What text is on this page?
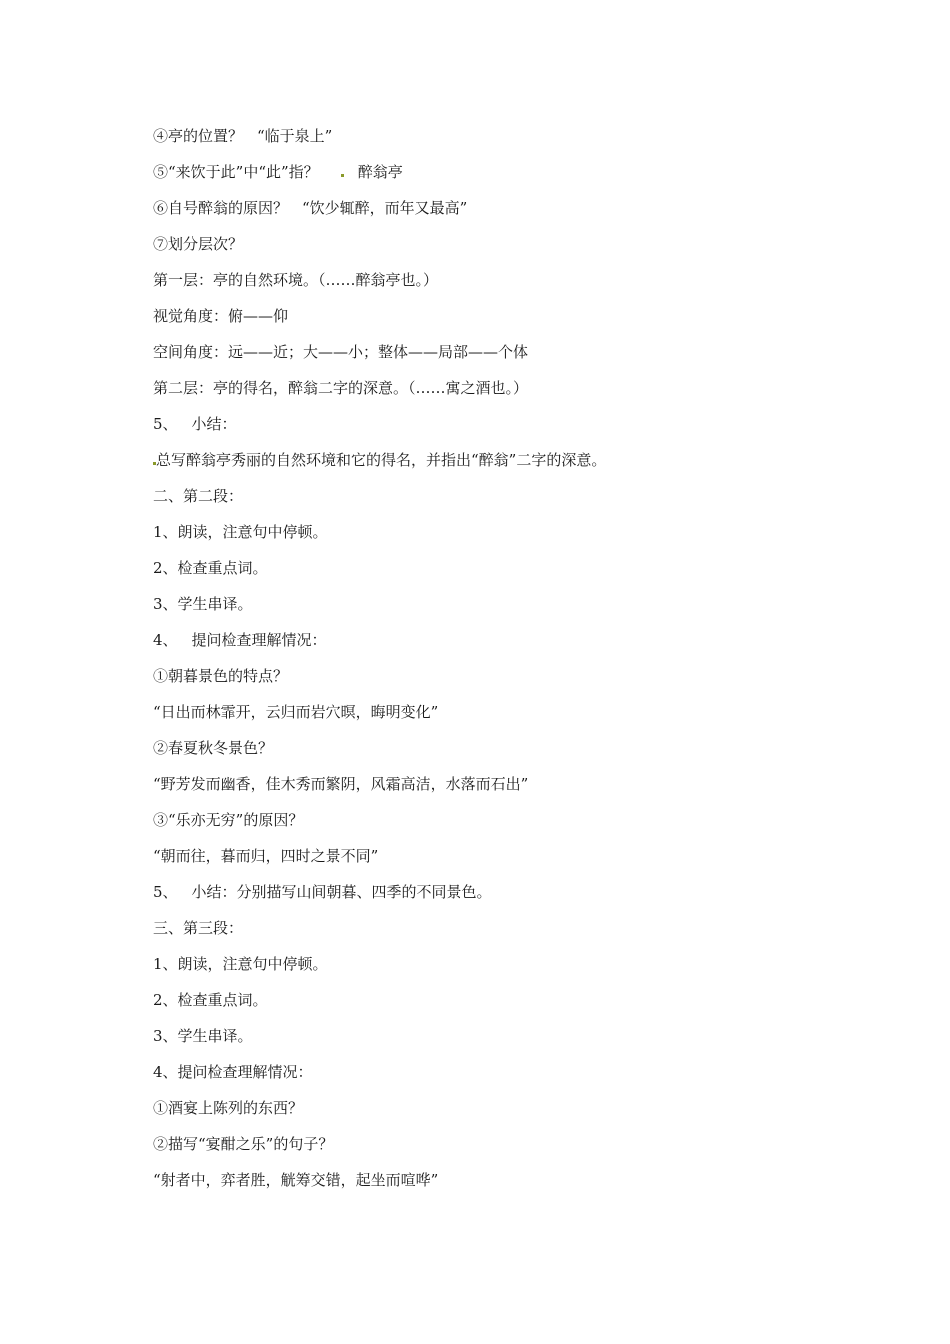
④亭的位置？ “临于泉上”
⑤“来饮于此”中“此”指？	醉翁亭
⑥自号醉翁的原因？ “饮少辄醉，而年又最高”
⑦划分层次？
第一层：亭的自然环境。（……醉翁亭也。）
视觉角度：俯——仰
空间角度：远——近；大——小；整体——局部——个体
第二层：亭的得名，醉翁二字的深意。（……寓之酒也。）
5、 小结：
总写醉翁亭秀丽的自然环境和它的得名，并指出“醉翁”二字的深意。
二、第二段：
1、朗读，注意句中停顿。
2、检查重点词。
3、学生串译。
4、 提问检查理解情况：
①朝暮景色的特点？
“日出而林霏开，云归而岩穴暝，晦明变化”
②春夏秋冬景色？
“野芳发而幽香，佳木秀而繁阴，风霜高洁，水落而石出”
③“乐亦无穷”的原因？
“朝而往，暮而归，四时之景不同”
5、 小结：分别描写山间朝暮、四季的不同景色。
三、第三段：
1、朗读，注意句中停顿。
2、检查重点词。
3、学生串译。
4、提问检查理解情况：
①酒宴上陈列的东西？
②描写“宴酣之乐”的句子？
“射者中，弈者胜，觥筹交错，起坐而喧哗”
